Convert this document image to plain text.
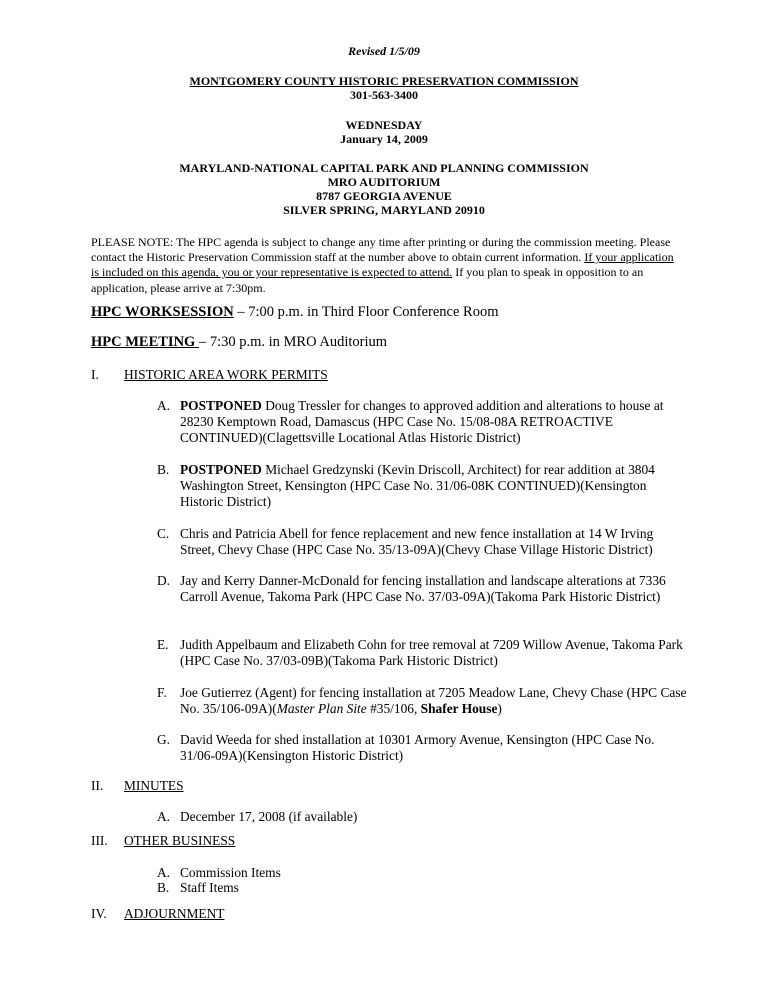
Revised 1/5/09
MONTGOMERY COUNTY HISTORIC PRESERVATION COMMISSION
301-563-3400
WEDNESDAY
January 14, 2009
MARYLAND-NATIONAL CAPITAL PARK AND PLANNING COMMISSION
MRO AUDITORIUM
8787 GEORGIA AVENUE
SILVER SPRING, MARYLAND 20910
PLEASE NOTE: The HPC agenda is subject to change any time after printing or during the commission meeting. Please contact the Historic Preservation Commission staff at the number above to obtain current information. If your application is included on this agenda, you or your representative is expected to attend. If you plan to speak in opposition to an application, please arrive at 7:30pm.
HPC WORKSESSION – 7:00 p.m. in Third Floor Conference Room
HPC MEETING – 7:30 p.m. in MRO Auditorium
I. HISTORIC AREA WORK PERMITS
A. POSTPONED Doug Tressler for changes to approved addition and alterations to house at 28230 Kemptown Road, Damascus (HPC Case No. 15/08-08A RETROACTIVE CONTINUED)(Clagettsville Locational Atlas Historic District)
B. POSTPONED Michael Gredzynski (Kevin Driscoll, Architect) for rear addition at 3804 Washington Street, Kensington (HPC Case No. 31/06-08K CONTINUED)(Kensington Historic District)
C. Chris and Patricia Abell for fence replacement and new fence installation at 14 W Irving Street, Chevy Chase (HPC Case No. 35/13-09A)(Chevy Chase Village Historic District)
D. Jay and Kerry Danner-McDonald for fencing installation and landscape alterations at 7336 Carroll Avenue, Takoma Park (HPC Case No. 37/03-09A)(Takoma Park Historic District)
E. Judith Appelbaum and Elizabeth Cohn for tree removal at 7209 Willow Avenue, Takoma Park (HPC Case No. 37/03-09B)(Takoma Park Historic District)
F. Joe Gutierrez (Agent) for fencing installation at 7205 Meadow Lane, Chevy Chase (HPC Case No. 35/106-09A)(Master Plan Site #35/106, Shafer House)
G. David Weeda for shed installation at 10301 Armory Avenue, Kensington (HPC Case No. 31/06-09A)(Kensington Historic District)
II. MINUTES
A. December 17, 2008 (if available)
III. OTHER BUSINESS
A. Commission Items
B. Staff Items
IV. ADJOURNMENT
